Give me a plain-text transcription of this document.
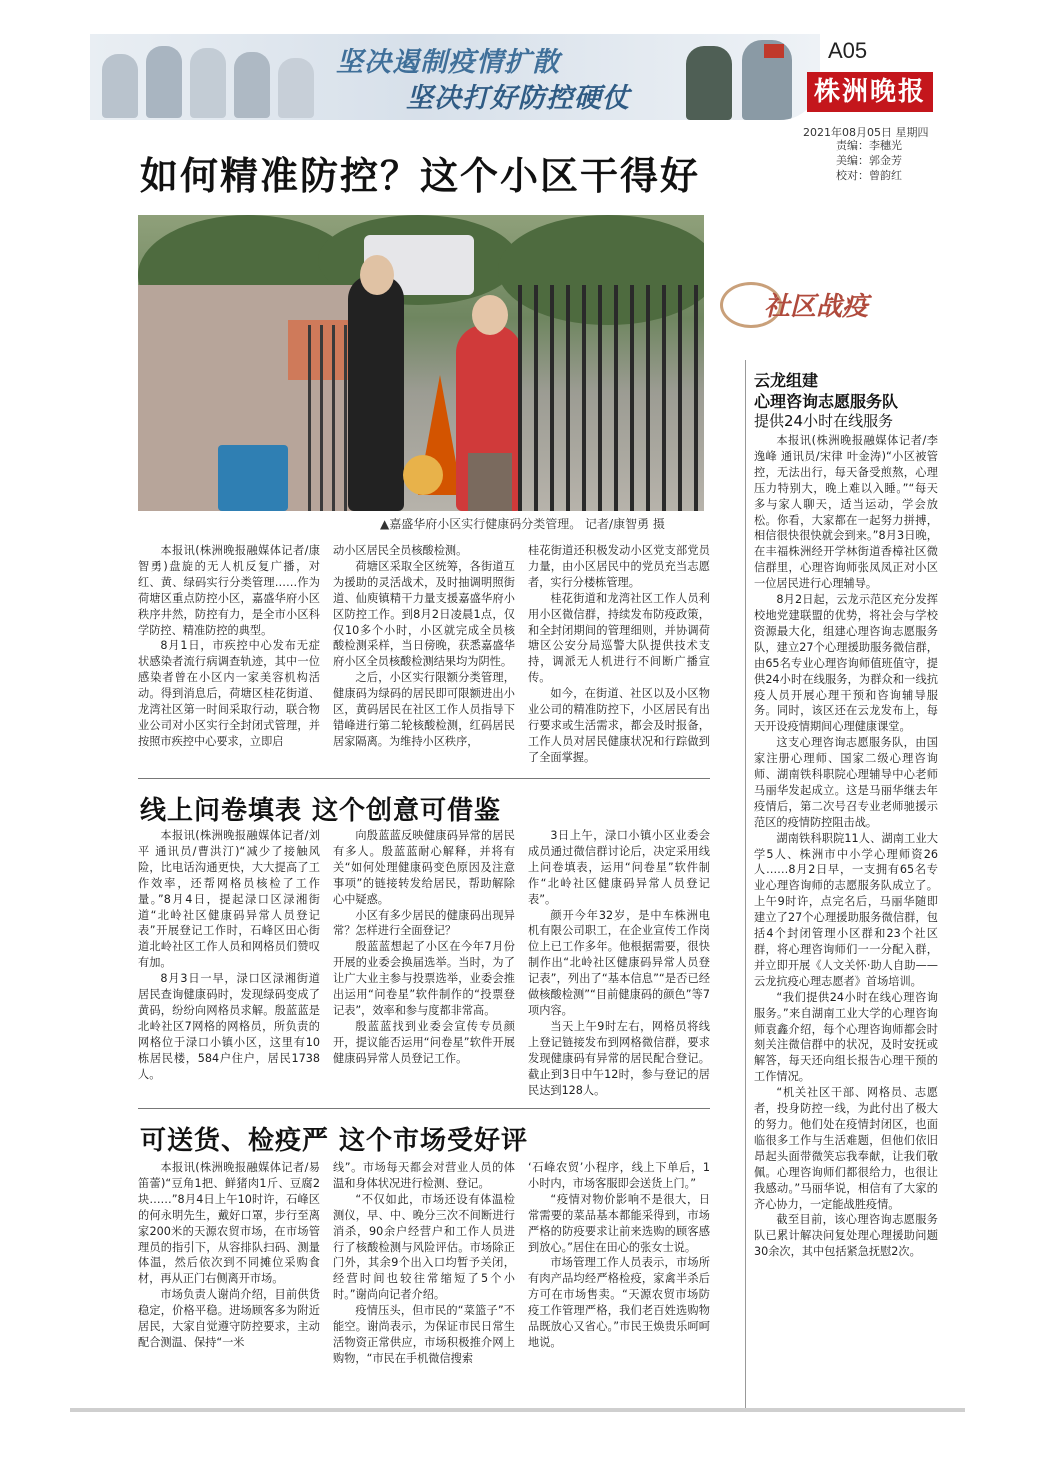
坚决遏制疫情扩散
坚决打好防控硬仗
A05
株洲晚报
2021年08月05日 星期四
责编：李穗光
美编：郭金芳
校对：曾韵红
如何精准防控？这个小区干得好
▲嘉盛华府小区实行健康码分类管理。 记者/康智勇 摄

本报讯(株洲晚报融媒体记者/康智勇)盘旋的无人机反复广播，对红、黄、绿码实行分类管理……作为荷塘区重点防控小区，嘉盛华府小区秩序井然，防控有力，是全市小区科学防控、精准防控的典型。

8月1日，市疾控中心发布无症状感染者流行病调查轨迹，其中一位感染者曾在小区内一家美容机构活动。得到消息后，荷塘区桂花街道、龙湾社区第一时间采取行动，联合物业公司对小区实行全封闭式管理，并按照市疾控中心要求，立即启

动小区居民全员核酸检测。

荷塘区采取全区统筹，各街道互为援助的灵活战术，及时抽调明照街道、仙庾镇精干力量支援嘉盛华府小区防控工作。到8月2日凌晨1点，仅仅10多个小时，小区就完成全员核酸检测采样，当日傍晚，获悉嘉盛华府小区全员核酸检测结果均为阴性。

之后，小区实行限额分类管理，健康码为绿码的居民即可限额进出小区，黄码居民在社区工作人员指导下错峰进行第二轮核酸检测，红码居民居家隔离。为维持小区秩序，

桂花街道还积极发动小区党支部党员力量，由小区居民中的党员充当志愿者，实行分楼栋管理。

桂花街道和龙湾社区工作人员利用小区微信群，持续发布防疫政策，和全封闭期间的管理细则，并协调荷塘区公安分局巡警大队提供技术支持，调派无人机进行不间断广播宣传。

如今，在街道、社区以及小区物业公司的精准防控下，小区居民有出行要求或生活需求，都会及时报备，工作人员对居民健康状况和行踪做到了全面掌握。

线上问卷填表 这个创意可借鉴

本报讯(株洲晚报融媒体记者/刘平 通讯员/曹洪汀)“减少了接触风险，比电话沟通更快，大大提高了工作效率，还帮网格员核检了工作量。”8月4日，提起渌口区渌湘街道“北岭社区健康码异常人员登记表”开展登记工作时，石峰区田心街道北岭社区工作人员和网格员们赞叹有加。

8月3日一早，渌口区渌湘街道居民查询健康码时，发现绿码变成了黄码，纷纷向网格员求解。殷蓝蓝是北岭社区7网格的网格员，所负责的网格位于渌口小镇小区，这里有10栋居民楼，584户住户，居民1738人。

向殷蓝蓝反映健康码异常的居民有多人。殷蓝蓝耐心解释，并将有关“如何处理健康码变色原因及注意事项”的链接转发给居民，帮助解除心中疑惑。

小区有多少居民的健康码出现异常？怎样进行全面登记？

殷蓝蓝想起了小区在今年7月份开展的业委会换届选举。当时，为了让广大业主参与投票选举，业委会推出运用“问卷星”软件制作的“投票登记表”，效率和参与度都非常高。

殷蓝蓝找到业委会宣传专员颜开，提议能否运用“问卷星”软件开展健康码异常人员登记工作。

3日上午，渌口小镇小区业委会成员通过微信群讨论后，决定采用线上问卷填表，运用“问卷星”软件制作“北岭社区健康码异常人员登记表”。

颜开今年32岁，是中车株洲电机有限公司职工，在企业宣传工作岗位上已工作多年。他根据需要，很快制作出“北岭社区健康码异常人员登记表”，列出了“基本信息”“是否已经做核酸检测”“目前健康码的颜色”等7项内容。

当天上午9时左右，网格员将线上登记链接发布到网格微信群，要求发现健康码有异常的居民配合登记。截止到3日中午12时，参与登记的居民达到128人。

可送货、检疫严 这个市场受好评

本报讯(株洲晚报融媒体记者/易笛蕾)“豆角1把、鲜猪肉1斤、豆腐2块……”8月4日上午10时许，石峰区的何永明先生，戴好口罩，步行至离家200米的天源农贸市场，在市场管理员的指引下，从容排队扫码、测量体温，然后依次到不同摊位采购食材，再从正门右侧离开市场。

市场负责人谢尚介绍，目前供货稳定，价格平稳。进场顾客多为附近居民，大家自觉遵守防控要求，主动配合测温、保持“一米

线”。市场每天都会对营业人员的体温和身体状况进行检测、登记。

“不仅如此，市场还设有体温检测仪，早、中、晚分三次不间断进行消杀，90余户经营户和工作人员进行了核酸检测与风险评估。市场除正门外，其余9个出入口均暂予关闭，经营时间也较往常缩短了5个小时。”谢尚向记者介绍。

疫情压头，但市民的“菜篮子”不能空。谢尚表示，为保证市民日常生活物资正常供应，市场积极推介网上购物，“市民在手机微信搜索

‘石峰农贸’小程序，线上下单后，1小时内，市场客服即会送货上门。”

“疫情对物价影响不是很大，日常需要的菜品基本都能采得到，市场严格的防疫要求让前来选购的顾客感到放心。”居住在田心的张女士说。

市场管理工作人员表示，市场所有肉产品均经严格检疫，家禽半杀后方可在市场售卖。“天源农贸市场防疫工作管理严格，我们老百姓选购物品既放心又省心。”市民王焕贵乐呵呵地说。

社区战疫
云龙组建
心理咨询志愿服务队
提供24小时在线服务

本报讯(株洲晚报融媒体记者/李逸峰 通讯员/宋律 叶金涛)“小区被管控，无法出行，每天备受煎熬，心理压力特别大，晚上难以入睡。”“每天多与家人聊天，适当运动，学会放松。你看，大家都在一起努力拼搏，相信很快很快就会到来。”8月3日晚，在丰福株洲经开学林街道香樟社区微信群里，心理咨询师张凤凤正对小区一位居民进行心理辅导。

8月2日起，云龙示范区充分发挥校地党建联盟的优势，将社会与学校资源最大化，组建心理咨询志愿服务队，建立27个心理援助服务微信群，由65名专业心理咨询师值班值守，提供24小时在线服务，为群众和一线抗疫人员开展心理干预和咨询辅导服务。同时，该区还在云龙发布上，每天开设疫情期间心理健康课堂。

这支心理咨询志愿服务队，由国家注册心理师、国家二级心理咨询师、湖南铁科职院心理辅导中心老师马丽华发起成立。这是马丽华继去年疫情后，第二次号召专业老师驰援示范区的疫情防控阻击战。

湖南铁科职院11人、湖南工业大学5人、株洲市中小学心理师资26人……8月2日早，一支拥有65名专业心理咨询师的志愿服务队成立了。上午9时许，点完名后，马丽华随即建立了27个心理援助服务微信群，包括4个封闭管理小区群和23个社区群，将心理咨询师们一一分配入群，并立即开展《人文关怀·助人自助——云龙抗疫心理志愿者》首场培训。

“我们提供24小时在线心理咨询服务。”来自湖南工业大学的心理咨询师袁鑫介绍，每个心理咨询师都会时刻关注微信群中的状况，及时安抚或解答，每天还向组长报告心理干预的工作情况。

“机关社区干部、网格员、志愿者，投身防控一线，为此付出了极大的努力。他们处在疫情封闭区，也面临很多工作与生活难题，但他们依旧昂起头面带微笑忘我奉献，让我们敬佩。心理咨询师们都很给力，也很让我感动。”马丽华说，相信有了大家的齐心协力，一定能战胜疫情。

截至目前，该心理咨询志愿服务队已累计解决问复处理心理援助问题30余次，其中包括紧急抚慰2次。
